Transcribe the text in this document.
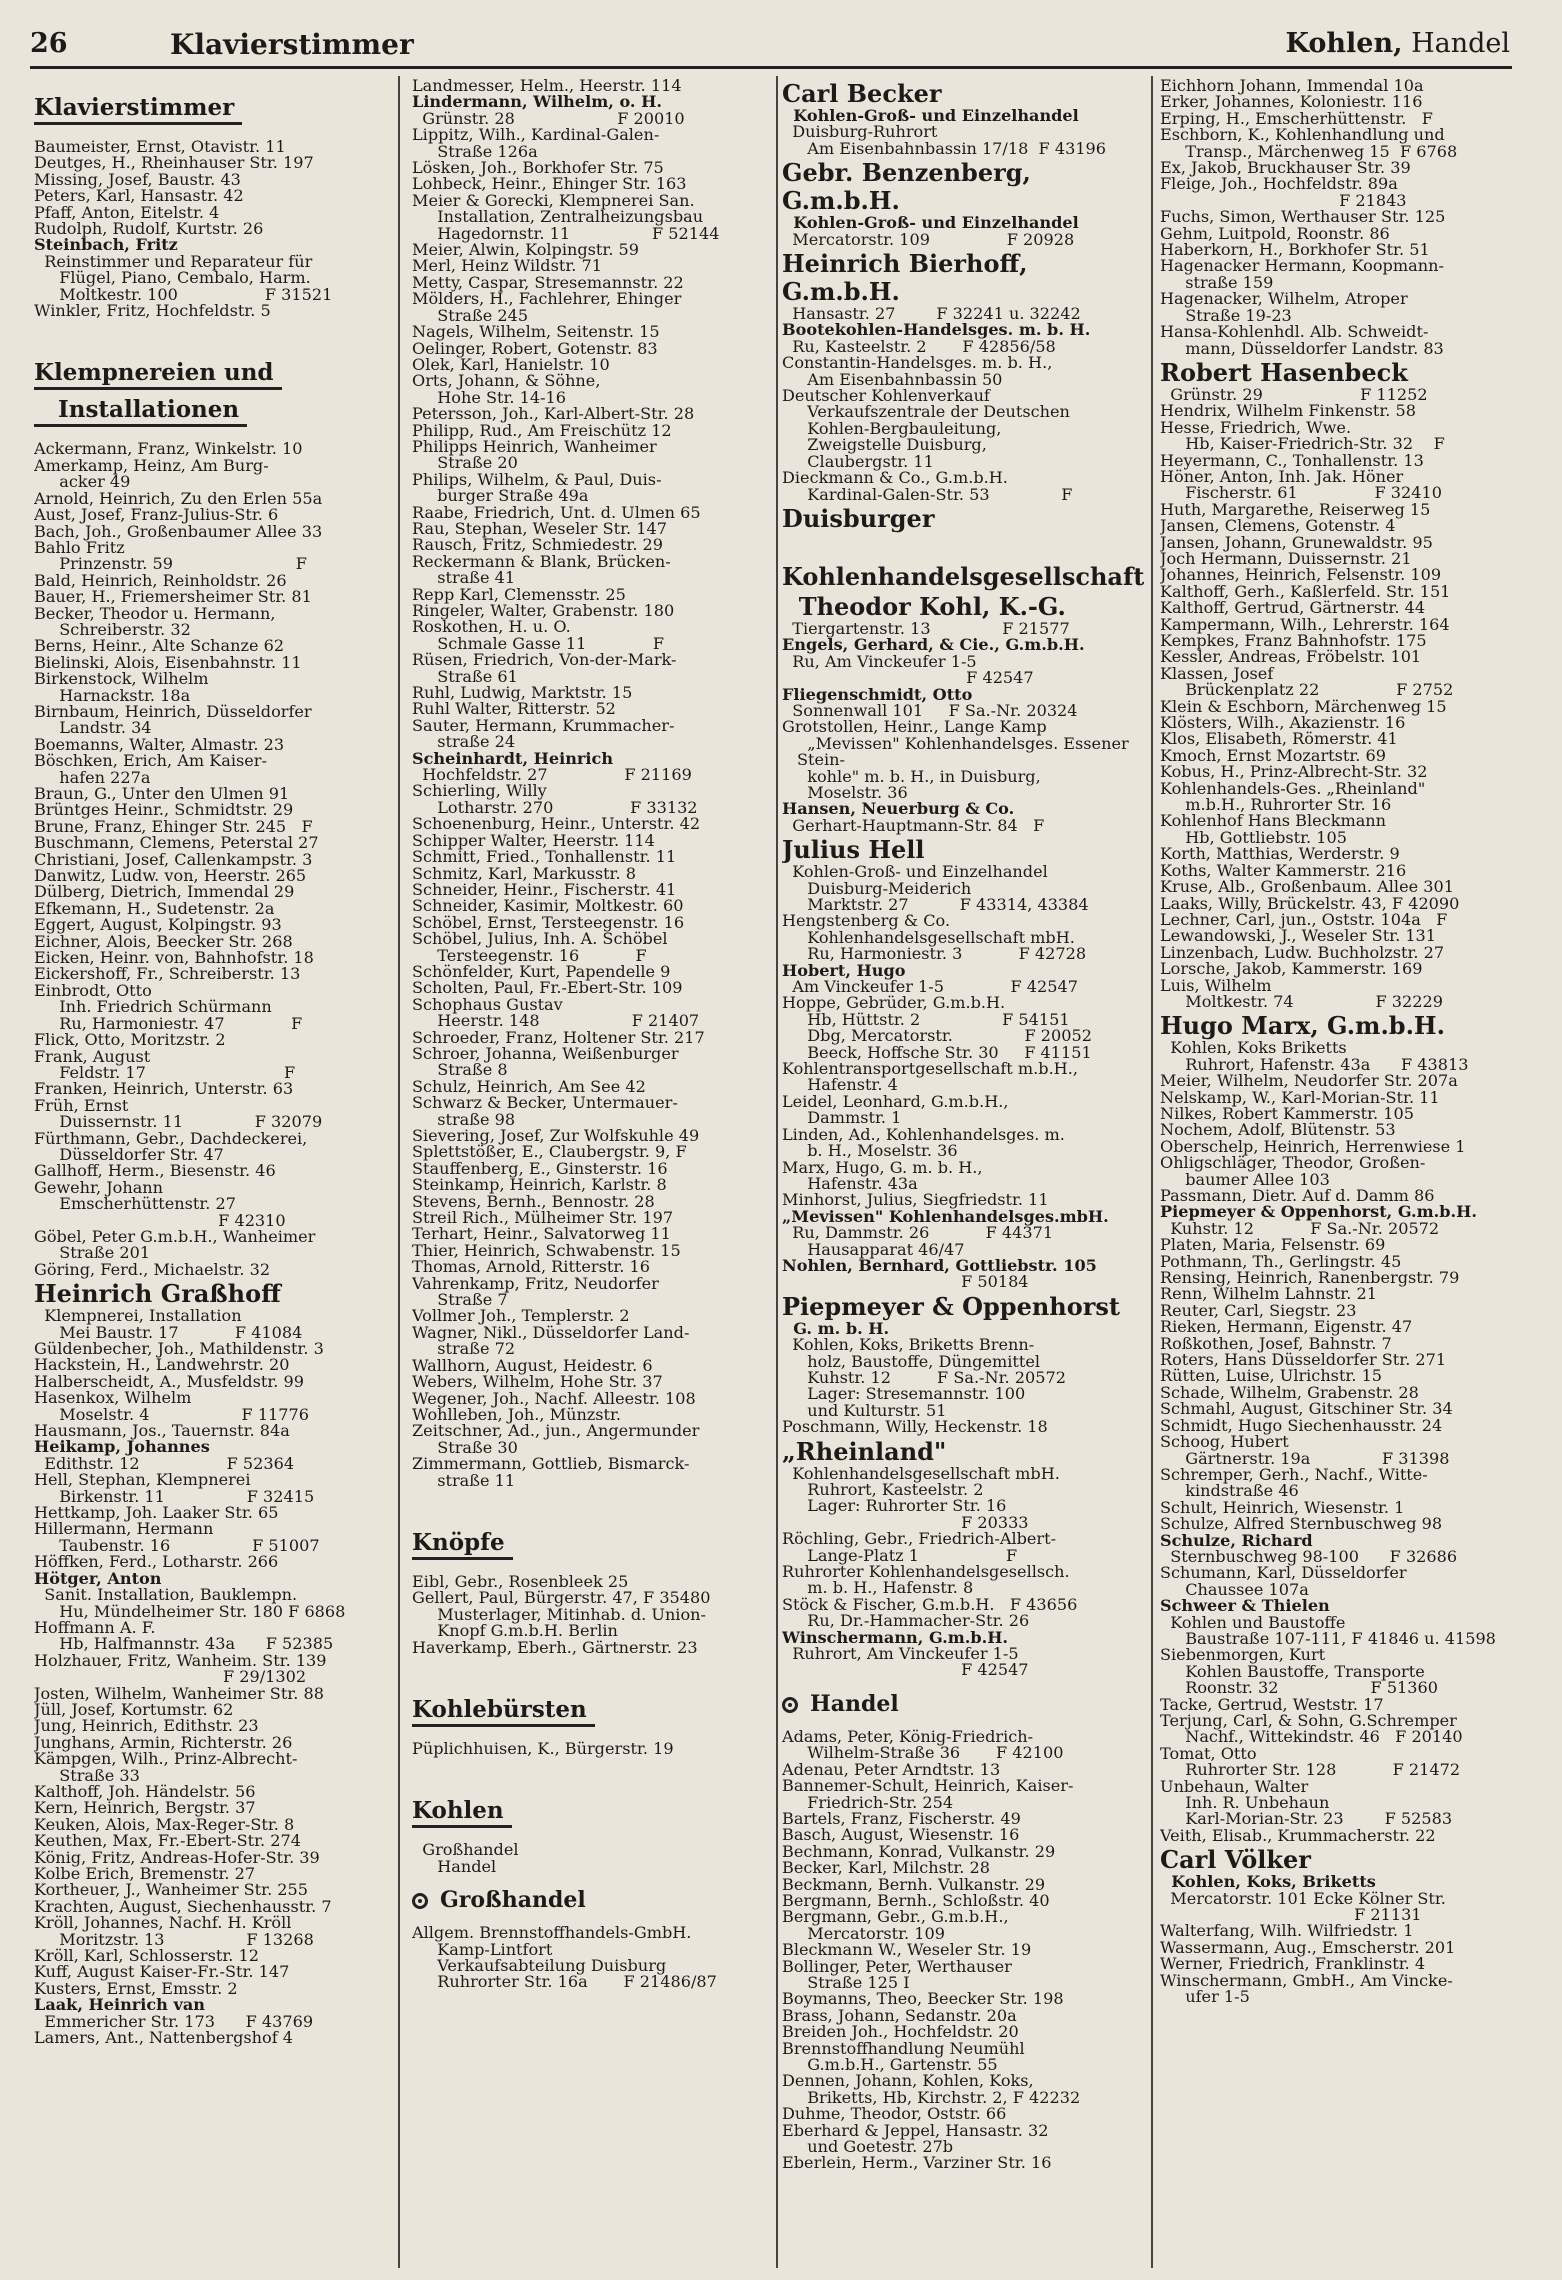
26	Klavierstimmer	Kohlen, Handel
Klavierstimmer

Baumeister, Ernst, Otavistr. 11

Deutges, H., Rheinhauser Str. 197

Missing, Josef, Baustr. 43

Peters, Karl, Hansastr. 42

Pfaff, Anton, Eitelstr. 4

Rudolph, Rudolf, Kurtstr. 26

Steinbach, Fritz

Reinstimmer und Reparateur für
Flügel, Piano, Cembalo, Harm.
Moltkestr. 100                 F 31521

Winkler, Fritz, Hochfeldstr. 5

Klempnereien und
Installationen

Ackermann, Franz, Winkelstr. 10

Amerkamp, Heinz, Am Burg-
acker 49

Arnold, Heinrich, Zu den Erlen 55a

Aust, Josef, Franz-Julius-Str. 6

Bach, Joh., Großenbaumer Allee 33

Bahlo Fritz
Prinzenstr. 59                        F

Bald, Heinrich, Reinholdstr. 26

Bauer, H., Friemersheimer Str. 81

Becker, Theodor u. Hermann,
Schreiberstr. 32

Berns, Heinr., Alte Schanze 62

Bielinski, Alois, Eisenbahnstr. 11

Birkenstock, Wilhelm
Harnackstr. 18a

Birnbaum, Heinrich, Düsseldorfer
Landstr. 34

Boemanns, Walter, Almastr. 23

Böschken, Erich, Am Kaiser-
hafen 227a

Braun, G., Unter den Ulmen 91

Brüntges Heinr., Schmidtstr. 29

Brune, Franz, Ehinger Str. 245   F

Buschmann, Clemens, Peterstal 27

Christiani, Josef, Callenkampstr. 3

Danwitz, Ludw. von, Heerstr. 265

Dülberg, Dietrich, Immendal 29

Efkemann, H., Sudetenstr. 2a

Eggert, August, Kolpingstr. 93

Eichner, Alois, Beecker Str. 268

Eicken, Heinr. von, Bahnhofstr. 18

Eickershoff, Fr., Schreiberstr. 13

Einbrodt, Otto
Inh. Friedrich Schürmann
Ru, Harmoniestr. 47             F

Flick, Otto, Moritzstr. 2

Frank, August
Feldstr. 17                           F

Franken, Heinrich, Unterstr. 63

Früh, Ernst
Duissernstr. 11              F 32079

Fürthmann, Gebr., Dachdeckerei,
Düsseldorfer Str. 47

Gallhoff, Herm., Biesenstr. 46

Gewehr, Johann
Emscherhüttenstr. 27

F 42310

Göbel, Peter G.m.b.H., Wanheimer
Straße 201

Göring, Ferd., Michaelstr. 32

Heinrich Graßhoff

Klempnerei, Installation
Mei Baustr. 17           F 41084

Güldenbecher, Joh., Mathildenstr. 3

Hackstein, H., Landwehrstr. 20

Halberscheidt, A., Musfeldstr. 99

Hasenkox, Wilhelm
Moselstr. 4                  F 11776

Hausmann, Jos., Tauernstr. 84a

Heikamp, Johannes

Edithstr. 12                 F 52364

Hell, Stephan, Klempnerei
Birkenstr. 11                F 32415

Hettkamp, Joh. Laaker Str. 65

Hillermann, Hermann
Taubenstr. 16                F 51007

Höffken, Ferd., Lotharstr. 266

Hötger, Anton

Sanit. Installation, Bauklempn.
Hu, Mündelheimer Str. 180 F 6868

Hoffmann A. F.
Hb, Halfmannstr. 43a      F 52385

Holzhauer, Fritz, Wanheim. Str. 139
F 29/1302

Josten, Wilhelm, Wanheimer Str. 88

Jüll, Josef, Kortumstr. 62

Jung, Heinrich, Edithstr. 23

Junghans, Armin, Richterstr. 26

Kämpgen, Wilh., Prinz-Albrecht-
Straße 33

Kalthoff, Joh. Händelstr. 56

Kern, Heinrich, Bergstr. 37

Keuken, Alois, Max-Reger-Str. 8

Keuthen, Max, Fr.-Ebert-Str. 274

König, Fritz, Andreas-Hofer-Str. 39

Kolbe Erich, Bremenstr. 27

Kortheuer, J., Wanheimer Str. 255

Krachten, August, Siechenhausstr. 7

Kröll, Johannes, Nachf. H. Kröll
Moritzstr. 13                F 13268

Kröll, Karl, Schlosserstr. 12

Kuff, August Kaiser-Fr.-Str. 147

Kusters, Ernst, Emsstr. 2

Laak, Heinrich van

Emmericher Str. 173      F 43769

Lamers, Ant., Nattenbergshof 4

Landmesser, Helm., Heerstr. 114

Lindermann, Wilhelm, o. H.

Grünstr. 28                    F 20010

Lippitz, Wilh., Kardinal-Galen-
Straße 126a

Lösken, Joh., Borkhofer Str. 75

Lohbeck, Heinr., Ehinger Str. 163

Meier & Gorecki, Klempnerei San.
Installation, Zentralheizungsbau
Hagedornstr. 11                F 52144

Meier, Alwin, Kolpingstr. 59

Merl, Heinz Wildstr. 71

Metty, Caspar, Stresemannstr. 22

Mölders, H., Fachlehrer, Ehinger
Straße 245

Nagels, Wilhelm, Seitenstr. 15

Oelinger, Robert, Gotenstr. 83

Olek, Karl, Hanielstr. 10

Orts, Johann, & Söhne,
Hohe Str. 14-16

Petersson, Joh., Karl-Albert-Str. 28

Philipp, Rud., Am Freischütz 12

Philipps Heinrich, Wanheimer
Straße 20

Philips, Wilhelm, & Paul, Duis-
burger Straße 49a

Raabe, Friedrich, Unt. d. Ulmen 65

Rau, Stephan, Weseler Str. 147

Rausch, Fritz, Schmiedestr. 29

Reckermann & Blank, Brücken-
straße 41

Repp Karl, Clemensstr. 25

Ringeler, Walter, Grabenstr. 180

Roskothen, H. u. O.
Schmale Gasse 11             F

Rüsen, Friedrich, Von-der-Mark-
Straße 61

Ruhl, Ludwig, Marktstr. 15

Ruhl Walter, Ritterstr. 52

Sauter, Hermann, Krummacher-
straße 24

Scheinhardt, Heinrich

Hochfeldstr. 27               F 21169

Schierling, Willy
Lotharstr. 270               F 33132

Schoenenburg, Heinr., Unterstr. 42

Schipper Walter, Heerstr. 114

Schmitt, Fried., Tonhallenstr. 11

Schmitz, Karl, Markusstr. 8

Schneider, Heinr., Fischerstr. 41

Schneider, Kasimir, Moltkestr. 60

Schöbel, Ernst, Tersteegenstr. 16

Schöbel, Julius, Inh. A. Schöbel
Tersteegenstr. 16           F

Schönfelder, Kurt, Papendelle 9

Scholten, Paul, Fr.-Ebert-Str. 109

Schophaus Gustav
Heerstr. 148                  F 21407

Schroeder, Franz, Holtener Str. 217

Schroer, Johanna, Weißenburger
Straße 8

Schulz, Heinrich, Am See 42

Schwarz & Becker, Untermauer-
straße 98

Sievering, Josef, Zur Wolfskuhle 49

Splettstößer, E., Claubergstr. 9, F

Stauffenberg, E., Ginsterstr. 16

Steinkamp, Heinrich, Karlstr. 8

Stevens, Bernh., Bennostr. 28

Streil Rich., Mülheimer Str. 197

Terhart, Heinr., Salvatorweg 11

Thier, Heinrich, Schwabenstr. 15

Thomas, Arnold, Ritterstr. 16

Vahrenkamp, Fritz, Neudorfer
Straße 7

Vollmer Joh., Templerstr. 2

Wagner, Nikl., Düsseldorfer Land-
straße 72

Wallhorn, August, Heidestr. 6

Webers, Wilhelm, Hohe Str. 37

Wegener, Joh., Nachf. Alleestr. 108

Wohlleben, Joh., Münzstr.

Zeitschner, Ad., jun., Angermunder
Straße 30

Zimmermann, Gottlieb, Bismarck-
straße 11

Knöpfe

Eibl, Gebr., Rosenbleek 25

Gellert, Paul, Bürgerstr. 47, F 35480
Musterlager, Mitinhab. d. Union-
Knopf G.m.b.H. Berlin

Haverkamp, Eberh., Gärtnerstr. 23

Kohlebürsten

Püplichhuisen, K., Bürgerstr. 19

Kohlen

Großhandel
Handel

Großhandel

Allgem. Brennstoffhandels-GmbH.
Kamp-Lintfort
Verkaufsabteilung Duisburg
Ruhrorter Str. 16a       F 21486/87

Carl Becker

Kohlen-Groß- und Einzelhandel

Duisburg-Ruhrort
Am Eisenbahnbassin 17/18  F 43196

Gebr. Benzenberg, G.m.b.H.

Kohlen-Groß- und Einzelhandel

Mercatorstr. 109               F 20928

Heinrich Bierhoff, G.m.b.H.

Hansastr. 27        F 32241 u. 32242

Bootekohlen-Handelsges. m. b. H.

Ru, Kasteelstr. 2       F 42856/58

Constantin-Handelsges. m. b. H.,
Am Eisenbahnbassin 50

Deutscher Kohlenverkauf
Verkaufszentrale der Deutschen
Kohlen-Bergbauleitung,
Zweigstelle Duisburg,
Claubergstr. 11

Dieckmann & Co., G.m.b.H.
Kardinal-Galen-Str. 53              F

Duisburger

Kohlenhandelsgesellschaft

Theodor Kohl, K.-G.

Tiergartenstr. 13              F 21577

Engels, Gerhard, & Cie., G.m.b.H.

Ru, Am Vinckeufer 1-5

F 42547

Fliegenschmidt, Otto

Sonnenwall 101     F Sa.-Nr. 20324

Grotstollen, Heinr., Lange Kamp
„Mevissen" Kohlenhandelsges. Essener Stein-
kohle" m. b. H., in Duisburg,
Moselstr. 36

Hansen, Neuerburg & Co.

Gerhart-Hauptmann-Str. 84   F

Julius Hell

Kohlen-Groß- und Einzelhandel
Duisburg-Meiderich
Marktstr. 27          F 43314, 43384

Hengstenberg & Co.
Kohlenhandelsgesellschaft mbH.
Ru, Harmoniestr. 3           F 42728

Hobert, Hugo

Am Vinckeufer 1-5             F 42547

Hoppe, Gebrüder, G.m.b.H.
Hb, Hüttstr. 2                F 54151
Dbg, Mercatorstr.              F 20052
Beeck, Hoffsche Str. 30     F 41151

Kohlentransportgesellschaft m.b.H.,
Hafenstr. 4

Leidel, Leonhard, G.m.b.H.,
Dammstr. 1

Linden, Ad., Kohlenhandelsges. m.
b. H., Moselstr. 36

Marx, Hugo, G. m. b. H.,
Hafenstr. 43a

Minhorst, Julius, Siegfriedstr. 11

„Mevissen" Kohlenhandelsges.mbH.

Ru, Dammstr. 26           F 44371
Hausapparat 46/47

Nohlen, Bernhard, Gottliebstr. 105

F 50184

Piepmeyer & Oppenhorst

G. m. b. H.

Kohlen, Koks, Briketts Brenn-
holz, Baustoffe, Düngemittel
Kuhstr. 12         F Sa.-Nr. 20572
Lager: Stresemannstr. 100
und Kulturstr. 51

Poschmann, Willy, Heckenstr. 18

„Rheinland"

Kohlenhandelsgesellschaft mbH.
Ruhrort, Kasteelstr. 2
Lager: Ruhrorter Str. 16

F 20333

Röchling, Gebr., Friedrich-Albert-
Lange-Platz 1                 F

Ruhrorter Kohlenhandelsgesellsch.
m. b. H., Hafenstr. 8

Stöck & Fischer, G.m.b.H.   F 43656
Ru, Dr.-Hammacher-Str. 26

Winschermann, G.m.b.H.

Ruhrort, Am Vinckeufer 1-5

F 42547

Handel

Adams, Peter, König-Friedrich-
Wilhelm-Straße 36       F 42100

Adenau, Peter Arndtstr. 13

Bannemer-Schult, Heinrich, Kaiser-
Friedrich-Str. 254

Bartels, Franz, Fischerstr. 49

Basch, August, Wiesenstr. 16

Bechmann, Konrad, Vulkanstr. 29

Becker, Karl, Milchstr. 28

Beckmann, Bernh. Vulkanstr. 29

Bergmann, Bernh., Schloßstr. 40

Bergmann, Gebr., G.m.b.H.,
Mercatorstr. 109

Bleckmann W., Weseler Str. 19

Bollinger, Peter, Werthauser
Straße 125 I

Boymanns, Theo, Beecker Str. 198

Brass, Johann, Sedanstr. 20a

Breiden Joh., Hochfeldstr. 20

Brennstoffhandlung Neumühl
G.m.b.H., Gartenstr. 55

Dennen, Johann, Kohlen, Koks,
Briketts, Hb, Kirchstr. 2, F 42232

Duhme, Theodor, Oststr. 66

Eberhard & Jeppel, Hansastr. 32
und Goetestr. 27b

Eberlein, Herm., Varziner Str. 16

Eichhorn Johann, Immendal 10a

Erker, Johannes, Koloniestr. 116

Erping, H., Emscherhüttenstr.   F

Eschborn, K., Kohlenhandlung und
Transp., Märchenweg 15  F 6768

Ex, Jakob, Bruckhauser Str. 39

Fleige, Joh., Hochfeldstr. 89a

F 21843

Fuchs, Simon, Werthauser Str. 125

Gehm, Luitpold, Roonstr. 86

Haberkorn, H., Borkhofer Str. 51

Hagenacker Hermann, Koopmann-
straße 159

Hagenacker, Wilhelm, Atroper
Straße 19-23

Hansa-Kohlenhdl. Alb. Schweidt-
mann, Düsseldorfer Landstr. 83

Robert Hasenbeck

Grünstr. 29                   F 11252

Hendrix, Wilhelm Finkenstr. 58

Hesse, Friedrich, Wwe.
Hb, Kaiser-Friedrich-Str. 32    F

Heyermann, C., Tonhallenstr. 13

Höner, Anton, Inh. Jak. Höner
Fischerstr. 61               F 32410

Huth, Margarethe, Reiserweg 15

Jansen, Clemens, Gotenstr. 4

Jansen, Johann, Grunewaldstr. 95

Joch Hermann, Duissernstr. 21

Johannes, Heinrich, Felsenstr. 109

Kalthoff, Gerh., Kaßlerfeld. Str. 151

Kalthoff, Gertrud, Gärtnerstr. 44

Kampermann, Wilh., Lehrerstr. 164

Kempkes, Franz Bahnhofstr. 175

Kessler, Andreas, Fröbelstr. 101

Klassen, Josef
Brückenplatz 22               F 2752

Klein & Eschborn, Märchenweg 15

Klösters, Wilh., Akazienstr. 16

Klos, Elisabeth, Römerstr. 41

Kmoch, Ernst Mozartstr. 69

Kobus, H., Prinz-Albrecht-Str. 32

Kohlenhandels-Ges. „Rheinland"
m.b.H., Ruhrorter Str. 16

Kohlenhof Hans Bleckmann
Hb, Gottliebstr. 105

Korth, Matthias, Werderstr. 9

Koths, Walter Kammerstr. 216

Kruse, Alb., Großenbaum. Allee 301

Laaks, Willy, Brückelstr. 43, F 42090

Lechner, Carl, jun., Oststr. 104a   F

Lewandowski, J., Weseler Str. 131

Linzenbach, Ludw. Buchholzstr. 27

Lorsche, Jakob, Kammerstr. 169

Luis, Wilhelm
Moltkestr. 74                F 32229

Hugo Marx, G.m.b.H.

Kohlen, Koks Briketts
Ruhrort, Hafenstr. 43a      F 43813

Meier, Wilhelm, Neudorfer Str. 207a

Nelskamp, W., Karl-Morian-Str. 11

Nilkes, Robert Kammerstr. 105

Nochem, Adolf, Blütenstr. 53

Oberschelp, Heinrich, Herrenwiese 1

Ohligschläger, Theodor, Großen-
baumer Allee 103

Passmann, Dietr. Auf d. Damm 86

Piepmeyer & Oppenhorst, G.m.b.H.

Kuhstr. 12           F Sa.-Nr. 20572

Platen, Maria, Felsenstr. 69

Pothmann, Th., Gerlingstr. 45

Rensing, Heinrich, Ranenbergstr. 79

Renn, Wilhelm Lahnstr. 21

Reuter, Carl, Siegstr. 23

Rieken, Hermann, Eigenstr. 47

Roßkothen, Josef, Bahnstr. 7

Roters, Hans Düsseldorfer Str. 271

Rütten, Luise, Ulrichstr. 15

Schade, Wilhelm, Grabenstr. 28

Schmahl, August, Gitschiner Str. 34

Schmidt, Hugo Siechenhausstr. 24

Schoog, Hubert
Gärtnerstr. 19a              F 31398

Schremper, Gerh., Nachf., Witte-
kindstraße 46

Schult, Heinrich, Wiesenstr. 1

Schulze, Alfred Sternbuschweg 98

Schulze, Richard

Sternbuschweg 98-100      F 32686

Schumann, Karl, Düsseldorfer
Chaussee 107a

Schweer & Thielen

Kohlen und Baustoffe
Baustraße 107-111, F 41846 u. 41598

Siebenmorgen, Kurt
Kohlen Baustoffe, Transporte
Roonstr. 32                  F 51360

Tacke, Gertrud, Weststr. 17

Terjung, Carl, & Sohn, G.Schremper
Nachf., Wittekindstr. 46   F 20140

Tomat, Otto
Ruhrorter Str. 128           F 21472

Unbehaun, Walter
Inh. R. Unbehaun
Karl-Morian-Str. 23        F 52583

Veith, Elisab., Krummacherstr. 22

Carl Völker

Kohlen, Koks, Briketts

Mercatorstr. 101 Ecke Kölner Str.
F 21131

Walterfang, Wilh. Wilfriedstr. 1

Wassermann, Aug., Emscherstr. 201

Werner, Friedrich, Franklinstr. 4

Winschermann, GmbH., Am Vincke-
ufer 1-5
